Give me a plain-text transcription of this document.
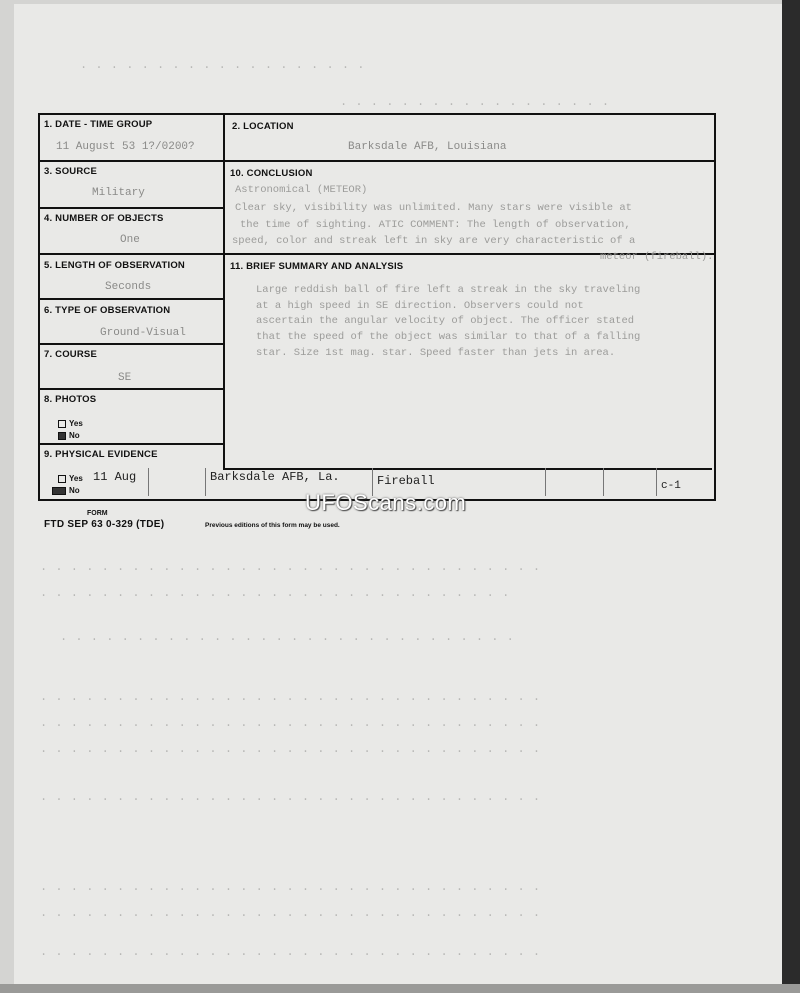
. . . . . . . . . . . . . . . . . . .
. . . . . . . . . . . . . . . . . .
. . . . . . . . . . . . . . . . . . . . . . . . . . . . . . . . .
. . . . . . . . . . . . . . . . . . . . . . . . . . . . . . .
. . . . . . . . . . . . . . . . . . . . . . . . . . . . . .
. . . . . . . . . . . . . . . . . . . . . . . . . . . . . . . . .
. . . . . . . . . . . . . . . . . . . . . . . . . . . . . . . . .
. . . . . . . . . . . . . . . . . . . . . . . . . . . . . . . . .
. . . . . . . . . . . . . . . . . . . . . . . . . . . . . . . . .
. . . . . . . . . . . . . . . . . . . . . . . . . . . . . . . . .
. . . . . . . . . . . . . . . . . . . . . . . . . . . . . . . . .
. . . . . . . . . . . . . . . . . . . . . . . . . . . . . . . . .
1. DATE - TIME GROUP
11 August 53 1?/0200?
2. LOCATION
Barksdale AFB, Louisiana
3. SOURCE
Military
4. NUMBER OF OBJECTS
One
5. LENGTH OF OBSERVATION
Seconds
6. TYPE OF OBSERVATION
Ground-Visual
7. COURSE
SE
8. PHOTOS
Yes
No
9. PHYSICAL EVIDENCE
Yes
No
10. CONCLUSION
Astronomical (METEOR)
Clear sky, visibility was unlimited. Many stars were visible at
the time of sighting. ATIC COMMENT: The length of observation,
speed, color and streak left in sky are very characteristic of a
meteor (fireball).
11. BRIEF SUMMARY AND ANALYSIS
Large reddish ball of fire left a streak in the sky traveling
at a high speed in SE direction. Observers could not
ascertain the angular velocity of object. The officer stated
that the speed of the object was similar to that of a falling
star. Size 1st mag. star. Speed faster than jets in area.
11 Aug	Barksdale AFB, La.	Fireball	c-1
FORM
FTD SEP 63 0-329 (TDE)	Previous editions of this form may be used.
UFOScans.com
